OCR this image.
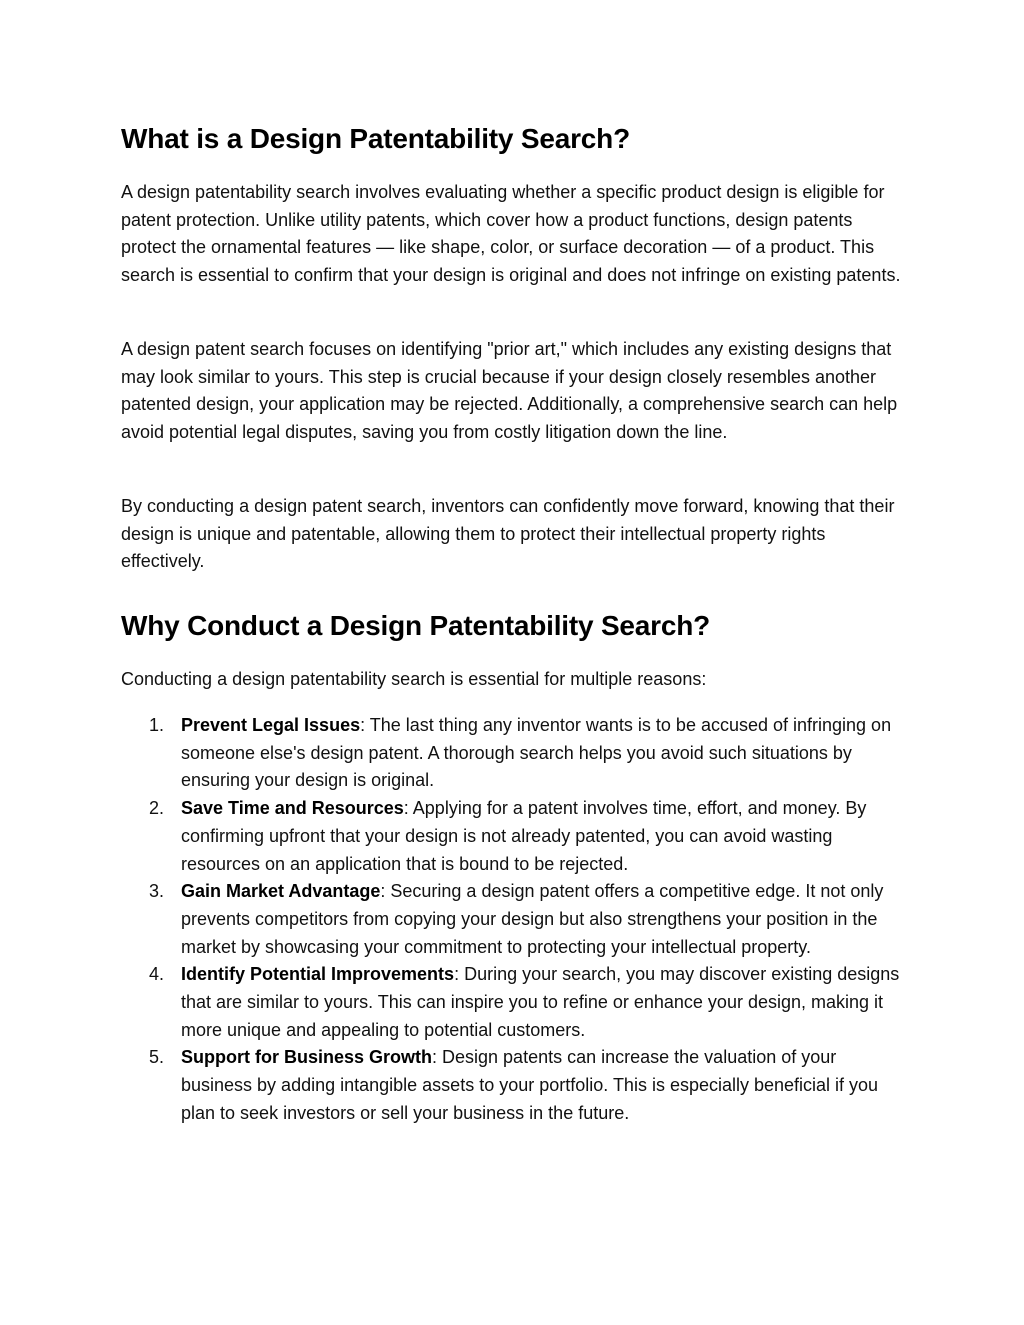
What is a Design Patentability Search?

A design patentability search involves evaluating whether a specific product design is eligible for patent protection. Unlike utility patents, which cover how a product functions, design patents protect the ornamental features — like shape, color, or surface decoration — of a product. This search is essential to confirm that your design is original and does not infringe on existing patents.

A design patent search focuses on identifying "prior art," which includes any existing designs that may look similar to yours. This step is crucial because if your design closely resembles another patented design, your application may be rejected. Additionally, a comprehensive search can help avoid potential legal disputes, saving you from costly litigation down the line.

By conducting a design patent search, inventors can confidently move forward, knowing that their design is unique and patentable, allowing them to protect their intellectual property rights effectively.

Why Conduct a Design Patentability Search?

Conducting a design patentability search is essential for multiple reasons:

1. Prevent Legal Issues: The last thing any inventor wants is to be accused of infringing on someone else's design patent. A thorough search helps you avoid such situations by ensuring your design is original.
2. Save Time and Resources: Applying for a patent involves time, effort, and money. By confirming upfront that your design is not already patented, you can avoid wasting resources on an application that is bound to be rejected.
3. Gain Market Advantage: Securing a design patent offers a competitive edge. It not only prevents competitors from copying your design but also strengthens your position in the market by showcasing your commitment to protecting your intellectual property.
4. Identify Potential Improvements: During your search, you may discover existing designs that are similar to yours. This can inspire you to refine or enhance your design, making it more unique and appealing to potential customers.
5. Support for Business Growth: Design patents can increase the valuation of your business by adding intangible assets to your portfolio. This is especially beneficial if you plan to seek investors or sell your business in the future.
